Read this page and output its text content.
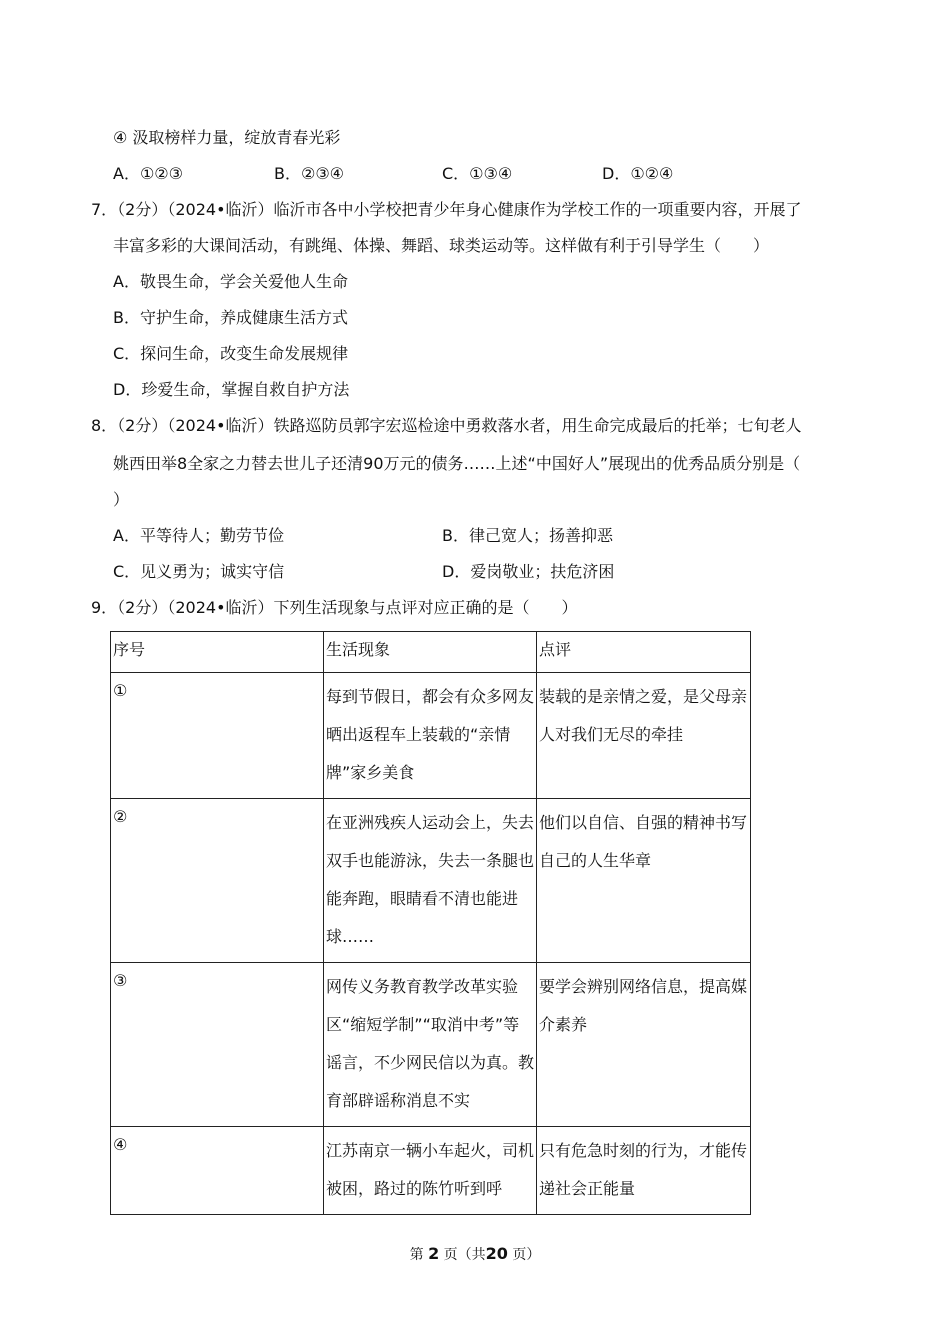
④ 汲取榜样力量，绽放青春光彩
A．①②③	B．②③④	C．①③④	D．①②④
7．（2分）（2024•临沂）临沂市各中小学校把青少年身心健康作为学校工作的一项重要内容，开展了
丰富多彩的大课间活动，有跳绳、体操、舞蹈、球类运动等。这样做有利于引导学生（　　）
A．敬畏生命，学会关爱他人生命
B．守护生命，养成健康生活方式
C．探问生命，改变生命发展规律
D．珍爱生命，掌握自救自护方法
8．（2分）（2024•临沂）铁路巡防员郭字宏巡检途中勇救落水者，用生命完成最后的托举；七旬老人
姚西田举8全家之力替去世儿子还清90万元的债务……上述“中国好人”展现出的优秀品质分别是（
）
A．平等待人；勤劳节俭	B．律己宽人；扬善抑恶
C．见义勇为；诚实守信	D．爱岗敬业；扶危济困
9．（2分）（2024•临沂）下列生活现象与点评对应正确的是（　　）
序号	生活现象	点评
①	每到节假日，都会有众多网友晒出返程车上装载的“亲情牌”家乡美食	装载的是亲情之爱，是父母亲人对我们无尽的牵挂
②	在亚洲残疾人运动会上，失去双手也能游泳，失去一条腿也能奔跑，眼睛看不清也能进球……	他们以自信、自强的精神书写自己的人生华章
③	网传义务教育教学改革实验区“缩短学制”“取消中考”等谣言，不少网民信以为真。教育部辟谣称消息不实	要学会辨别网络信息，提高媒介素养
④	江苏南京一辆小车起火，司机被困，路过的陈竹听到呼	只有危急时刻的行为，才能传递社会正能量
第 2 页（共20 页）
